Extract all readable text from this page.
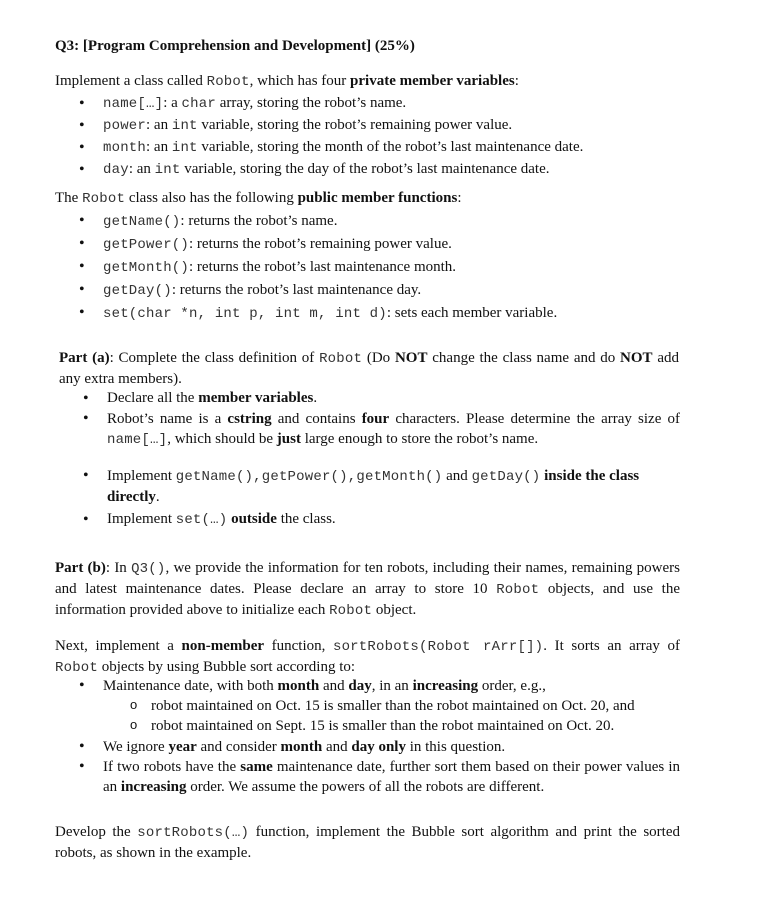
Q3: [Program Comprehension and Development] (25%)

Implement a class called Robot, which has four private member variables:

• name[…]: a char array, storing the robot’s name.
• power: an int variable, storing the robot’s remaining power value.
• month: an int variable, storing the month of the robot’s last maintenance date.
• day: an int variable, storing the day of the robot’s last maintenance date.

The Robot class also has the following public member functions:

• getName(): returns the robot’s name.
• getPower(): returns the robot’s remaining power value.
• getMonth(): returns the robot’s last maintenance month.
• getDay(): returns the robot’s last maintenance day.
• set(char *n, int p, int m, int d): sets each member variable.

Part (a): Complete the class definition of Robot (Do NOT change the class name and do NOT add any extra members).

• Declare all the member variables.
• Robot’s name is a cstring and contains four characters. Please determine the array size of name[…], which should be just large enough to store the robot’s name.
• Implement getName(),getPower(),getMonth() and getDay() inside the class directly.
• Implement set(…) outside the class.

Part (b): In Q3(), we provide the information for ten robots, including their names, remaining powers and latest maintenance dates. Please declare an array to store 10 Robot objects, and use the information provided above to initialize each Robot object.

Next, implement a non-member function, sortRobots(Robot rArr[]). It sorts an array of Robot objects by using Bubble sort according to:

• Maintenance date, with both month and day, in an increasing order, e.g.,
o robot maintained on Oct. 15 is smaller than the robot maintained on Oct. 20, and
o robot maintained on Sept. 15 is smaller than the robot maintained on Oct. 20.
• We ignore year and consider month and day only in this question.
• If two robots have the same maintenance date, further sort them based on their power values in an increasing order. We assume the powers of all the robots are different.

Develop the sortRobots(…) function, implement the Bubble sort algorithm and print the sorted robots, as shown in the example.
